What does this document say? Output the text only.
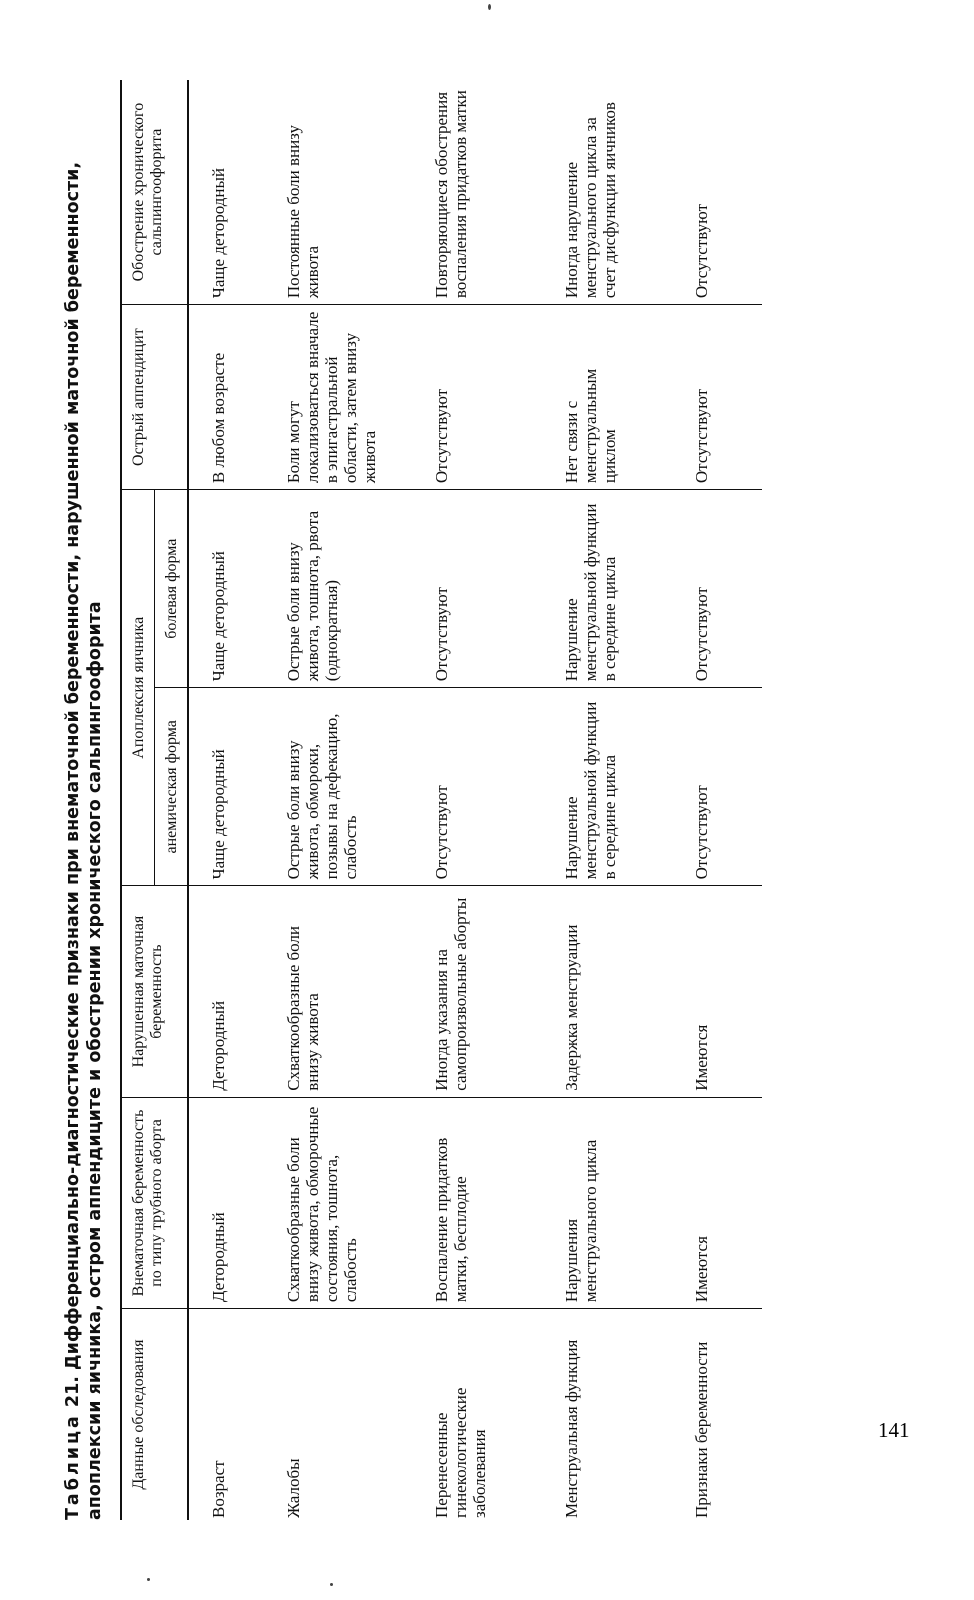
Таблица 21. Дифференциально-диагностические признаки при внематочной беременности, нарушенной маточной беременности, апоплексии яичника, остром аппендиците и обострении хронического сальпингоофорита Данные обследования	Внематочная беременность по типу трубного аборта	Нарушенная маточная беременность	Апоплексия яичника		Острый аппендицит	Обострение хронического сальпингоофорита
			анемическая форма	болевая форма		
Возраст	Детородный	Детородный	Чаще детородный	Чаще детородный	В любом возрасте	Чаще детородный
Жалобы	Схваткообразные боли внизу живота, обморочные состояния, тошнота, слабость	Схваткообразные боли внизу живота	Острые боли внизу живота, обмороки, позывы на дефекацию, слабость	Острые боли внизу живота, тошнота, рвота (однократная)	Боли могут локализоваться вначале в эпигастральной области, затем внизу живота	Постоянные боли внизу живота
Перенесенные гинекологические заболевания	Воспаление придатков матки, бесплодие	Иногда указания на самопроизвольные аборты	Отсутствуют	Отсутствуют	Отсутствуют	Повторяющиеся обострения воспаления придатков матки
Менструальная функция	Нарушения менструального цикла	Задержка менструации	Нарушение менструальной функции в середине цикла	Нарушение менструальной функции в середине цикла	Нет связи с менструальным циклом	Иногда нарушение менструального цикла за счет дисфункции яичников
Признаки беременности	Имеются	Имеются	Отсутствуют	Отсутствуют	Отсутствуют	Отсутствуют
141
